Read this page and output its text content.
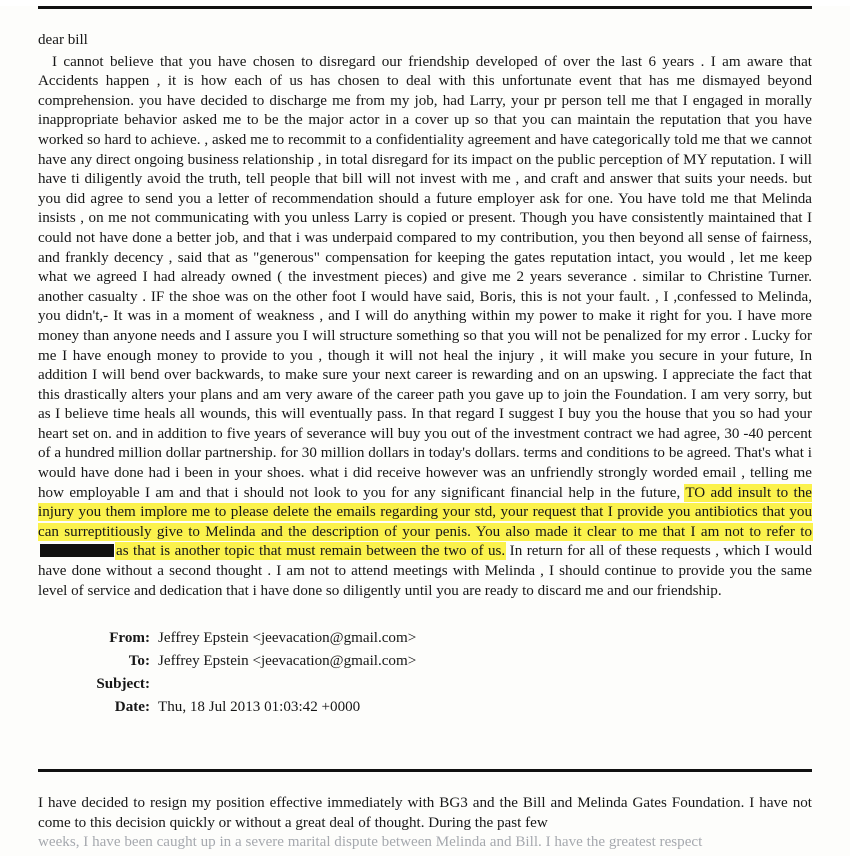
dear bill
I cannot believe that you have chosen to disregard our friendship developed of over the last 6 years . I am aware that Accidents happen , it is how each of us has chosen to deal with this unfortunate event that has me dismayed beyond comprehension. you have decided to discharge me from my job, had Larry, your pr person tell me that I engaged in morally inappropriate behavior asked me to be the major actor in a cover up so that you can maintain the reputation that you have worked so hard to achieve. , asked me to recommit to a confidentiality agreement and have categorically told me that we cannot have any direct ongoing business relationship , in total disregard for its impact on the public perception of MY reputation. I will have ti diligently avoid the truth, tell people that bill will not invest with me , and craft and answer that suits your needs. but you did agree to send you a letter of recommendation should a future employer ask for one. You have told me that Melinda insists , on me not communicating with you unless Larry is copied or present. Though you have consistently maintained that I could not have done a better job, and that i was underpaid compared to my contribution, you then beyond all sense of fairness, and frankly decency , said that as "generous" compensation for keeping the gates reputation intact, you would , let me keep what we agreed I had already owned ( the investment pieces) and give me 2 years severance . similar to Christine Turner. another casualty . IF the shoe was on the other foot I would have said, Boris, this is not your fault. , I ,confessed to Melinda, you didn't,- It was in a moment of weakness , and I will do anything within my power to make it right for you. I have more money than anyone needs and I assure you I will structure something so that you will not be penalized for my error . Lucky for me I have enough money to provide to you , though it will not heal the injury , it will make you secure in your future, In addition I will bend over backwards, to make sure your next career is rewarding and on an upswing. I appreciate the fact that this drastically alters your plans and am very aware of the career path you gave up to join the Foundation. I am very sorry, but as I believe time heals all wounds, this will eventually pass. In that regard I suggest I buy you the house that you so had your heart set on. and in addition to five years of severance will buy you out of the investment contract we had agree, 30 -40 percent of a hundred million dollar partnership. for 30 million dollars in today's dollars. terms and conditions to be agreed. That's what i would have done had i been in your shoes. what i did receive however was an unfriendly strongly worded email , telling me how employable I am and that i should not look to you for any significant financial help in the future, TO add insult to the injury you them implore me to please delete the emails regarding your std, your request that I provide you antibiotics that you can surreptitiously give to Melinda and the description of your penis. You also made it clear to me that I am not to refer toas that is another topic that must remain between the two of us. In return for all of these requests , which I would have done without a second thought . I am not to attend meetings with Melinda , I should continue to provide you the same level of service and dedication that i have done so diligently until you are ready to discard me and our friendship.
From: Jeffrey Epstein <jeevacation@gmail.com>
To: Jeffrey Epstein <jeevacation@gmail.com>
Subject:
Date: Thu, 18 Jul 2013 01:03:42 +0000
I have decided to resign my position effective immediately with BG3 and the Bill and Melinda Gates Foundation. I have not come to this decision quickly or without a great deal of thought. During the past few
weeks, I have been caught up in a severe marital dispute between Melinda and Bill. I have the greatest respect
